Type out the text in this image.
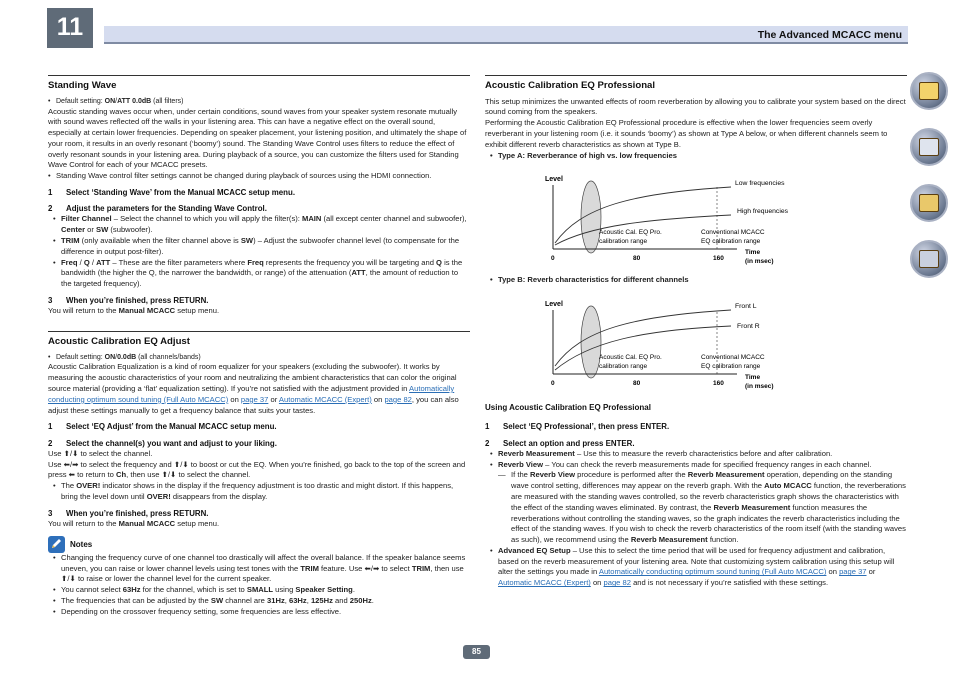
11	The Advanced MCACC menu
Standing Wave

• Default setting: ON/ATT 0.0dB (all filters)

Acoustic standing waves occur when, under certain conditions, sound waves from your speaker system resonate mutually with sound waves reflected off the walls in your listening area. This can have a negative effect on the overall sound, especially at certain lower frequencies. Depending on speaker placement, your listening position, and ultimately the shape of your room, it results in an overly resonant (‘boomy’) sound. The Standing Wave Control uses filters to reduce the effect of overly resonant sounds in your listening area. During playback of a source, you can customize the filters used for Standing Wave Control for each of your MCACC presets.

• Standing Wave control filter settings cannot be changed during playback of sources using the HDMI connection.

1 Select ‘Standing Wave’ from the Manual MCACC setup menu.

2 Adjust the parameters for the Standing Wave Control.

• Filter Channel – Select the channel to which you will apply the filter(s): MAIN (all except center channel and subwoofer), Center or SW (subwoofer).

• TRIM (only available when the filter channel above is SW) – Adjust the subwoofer channel level (to compensate for the difference in output post-filter).

• Freq / Q / ATT – These are the filter parameters where Freq represents the frequency you will be targeting and Q is the bandwidth (the higher the Q, the narrower the bandwidth, or range) of the attenuation (ATT, the amount of reduction to the targeted frequency).

3 When you’re finished, press RETURN.

You will return to the Manual MCACC setup menu.

Acoustic Calibration EQ Adjust

• Default setting: ON/0.0dB (all channels/bands)

Acoustic Calibration Equalization is a kind of room equalizer for your speakers (excluding the subwoofer). It works by measuring the acoustic characteristics of your room and neutralizing the ambient characteristics that can color the original source material (providing a ‘flat’ equalization setting). If you’re not satisfied with the adjustment provided in Automatically conducting optimum sound tuning (Full Auto MCACC) on page 37 or Automatic MCACC (Expert) on page 82, you can also adjust these settings manually to get a frequency balance that suits your tastes.

1 Select ‘EQ Adjust’ from the Manual MCACC setup menu.

2 Select the channel(s) you want and adjust to your liking.

Use ⬆/⬇ to select the channel.

Use ⬅/➡ to select the frequency and ⬆/⬇ to boost or cut the EQ. When you’re finished, go back to the top of the screen and press ⬅ to return to Ch, then use ⬆/⬇ to select the channel.

• The OVER! indicator shows in the display if the frequency adjustment is too drastic and might distort. If this happens, bring the level down until OVER! disappears from the display.

3 When you’re finished, press RETURN.

You will return to the Manual MCACC setup menu.

Notes

• Changing the frequency curve of one channel too drastically will affect the overall balance. If the speaker balance seems uneven, you can raise or lower channel levels using test tones with the TRIM feature. Use ⬅/➡ to select TRIM, then use ⬆/⬇ to raise or lower the channel level for the current speaker.

• You cannot select 63Hz for the channel, which is set to SMALL using Speaker Setting.

• The frequencies that can be adjusted by the SW channel are 31Hz, 63Hz, 125Hz and 250Hz.

• Depending on the crossover frequency setting, some frequencies are less effective.

Acoustic Calibration EQ Professional

This setup minimizes the unwanted effects of room reverberation by allowing you to calibrate your system based on the direct sound coming from the speakers.

Performing the Acoustic Calibration EQ Professional procedure is effective when the lower frequencies seem overly reverberant in your listening room (i.e. it sounds ‘boomy’) as shown at Type A below, or when different channels seem to exhibit different reverb characteristics as shown at Type B.

• Type A: Reverberance of high vs. low frequencies

Level
Low frequencies
High frequencies
Acoustic Cal. EQ Pro.
calibration range
Conventional MCACC
EQ calibration range
Time
(in msec)
0	80	160

• Type B: Reverb characteristics for different channels

Level	Front L
Front R
Acoustic Cal. EQ Pro.
calibration range
Conventional MCACC
EQ calibration range
Time
(in msec)
0	80	160

Using Acoustic Calibration EQ Professional

1 Select ‘EQ Professional’, then press ENTER.

2 Select an option and press ENTER.

• Reverb Measurement – Use this to measure the reverb characteristics before and after calibration.

• Reverb View – You can check the reverb measurements made for specified frequency ranges in each channel.

— If the Reverb View procedure is performed after the Reverb Measurement operation, depending on the standing wave control setting, differences may appear on the reverb graph. With the Auto MCACC function, the reverberations are measured with the standing waves controlled, so the reverb characteristics graph shows the characteristics with the effect of the standing waves eliminated. By contrast, the Reverb Measurement function measures the reverberations without controlling the standing waves, so the graph indicates the reverb characteristics including the effect of the standing waves. If you wish to check the reverb characteristics of the room itself (with the standing waves as such), we recommend using the Reverb Measurement function.

• Advanced EQ Setup – Use this to select the time period that will be used for frequency adjustment and calibration, based on the reverb measurement of your listening area. Note that customizing system calibration using this setup will alter the settings you made in Automatically conducting optimum sound tuning (Full Auto MCACC) on page 37 or Automatic MCACC (Expert) on page 82 and is not necessary if you’re satisfied with these settings.

85
